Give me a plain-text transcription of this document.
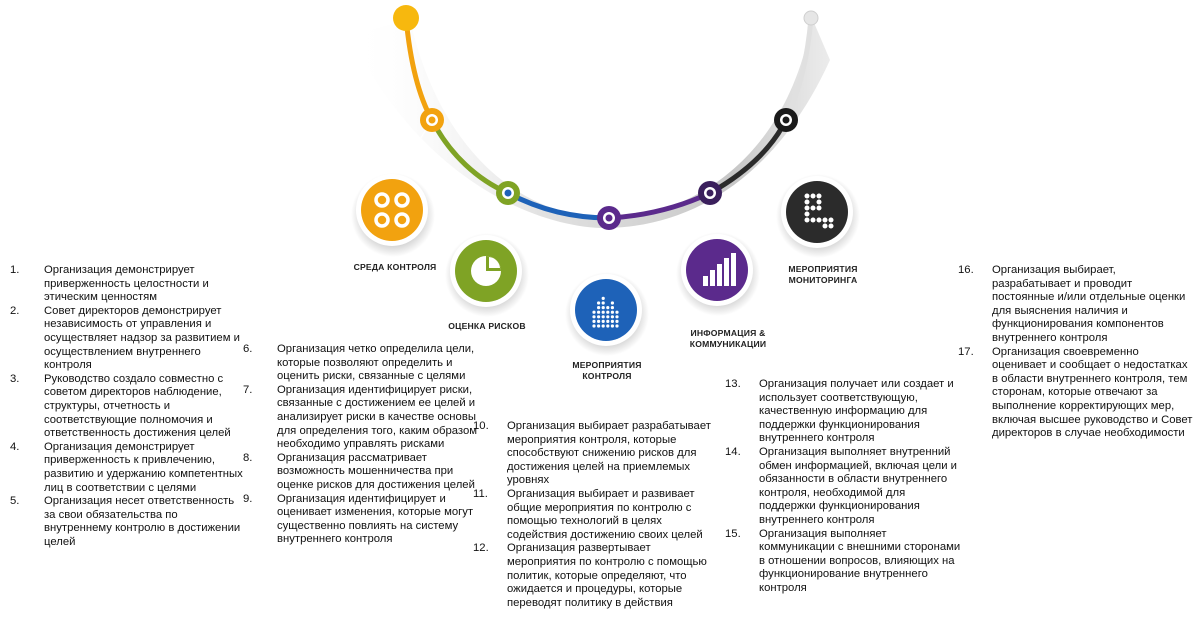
СРЕДА КОНТРОЛЯ
ОЦЕНКА РИСКОВ
МЕРОПРИЯТИЯ
КОНТРОЛЯ
ИНФОРМАЦИЯ &
КОММУНИКАЦИИ
МЕРОПРИЯТИЯ
МОНИТОРИНГА
1. Организация демонстрирует приверженность целостности и этическим ценностям
2. Совет директоров демонстрирует независимость от управления и осуществляет надзор за развитием и осуществлением внутреннего контроля
3. Руководство создало совместно с советом директоров наблюдение, структуры, отчетность и соответствующие полномочия и ответственность достижения целей
4. Организация демонстрирует приверженность к привлечению, развитию и удержанию компетентных лиц в соответствии с целями
5. Организация несет ответственность за свои обязательства по внутреннему контролю в достижении целей
6. Организация четко определила цели, которые позволяют определить и оценить риски, связанные с целями
7. Организация идентифицирует риски, связанные с достижением ее целей и анализирует риски в качестве основы для определения того, каким образом необходимо управлять рисками
8. Организация рассматривает возможность мошенничества при оценке рисков для достижения целей
9. Организация идентифицирует и оценивает изменения, которые могут существенно повлиять на систему внутреннего контроля
10. Организация выбирает разрабатывает мероприятия контроля, которые способствуют снижению рисков для достижения целей на приемлемых уровнях
11. Организация выбирает и развивает общие мероприятия по контролю с помощью технологий в целях содействия достижению своих целей
12. Организация развертывает мероприятия по контролю с помощью политик, которые определяют, что ожидается и процедуры, которые переводят политику в действия
13. Организация получает или создает и использует соответствующую, качественную информацию для поддержки функционирования внутреннего контроля
14. Организация выполняет внутренний обмен информацией, включая цели и обязанности в области внутреннего контроля, необходимой для поддержки функционирования внутреннего контроля
15. Организация выполняет коммуникации с внешними сторонами в отношении вопросов, влияющих на функционирование внутреннего контроля
16. Организация выбирает, разрабатывает и проводит постоянные и/или отдельные оценки для выяснения наличия и функционирования компонентов внутреннего контроля
17. Организация своевременно оценивает и сообщает о недостатках в области внутреннего контроля, тем сторонам, которые отвечают за выполнение корректирующих мер, включая высшее руководство и Совет директоров в случае необходимости
